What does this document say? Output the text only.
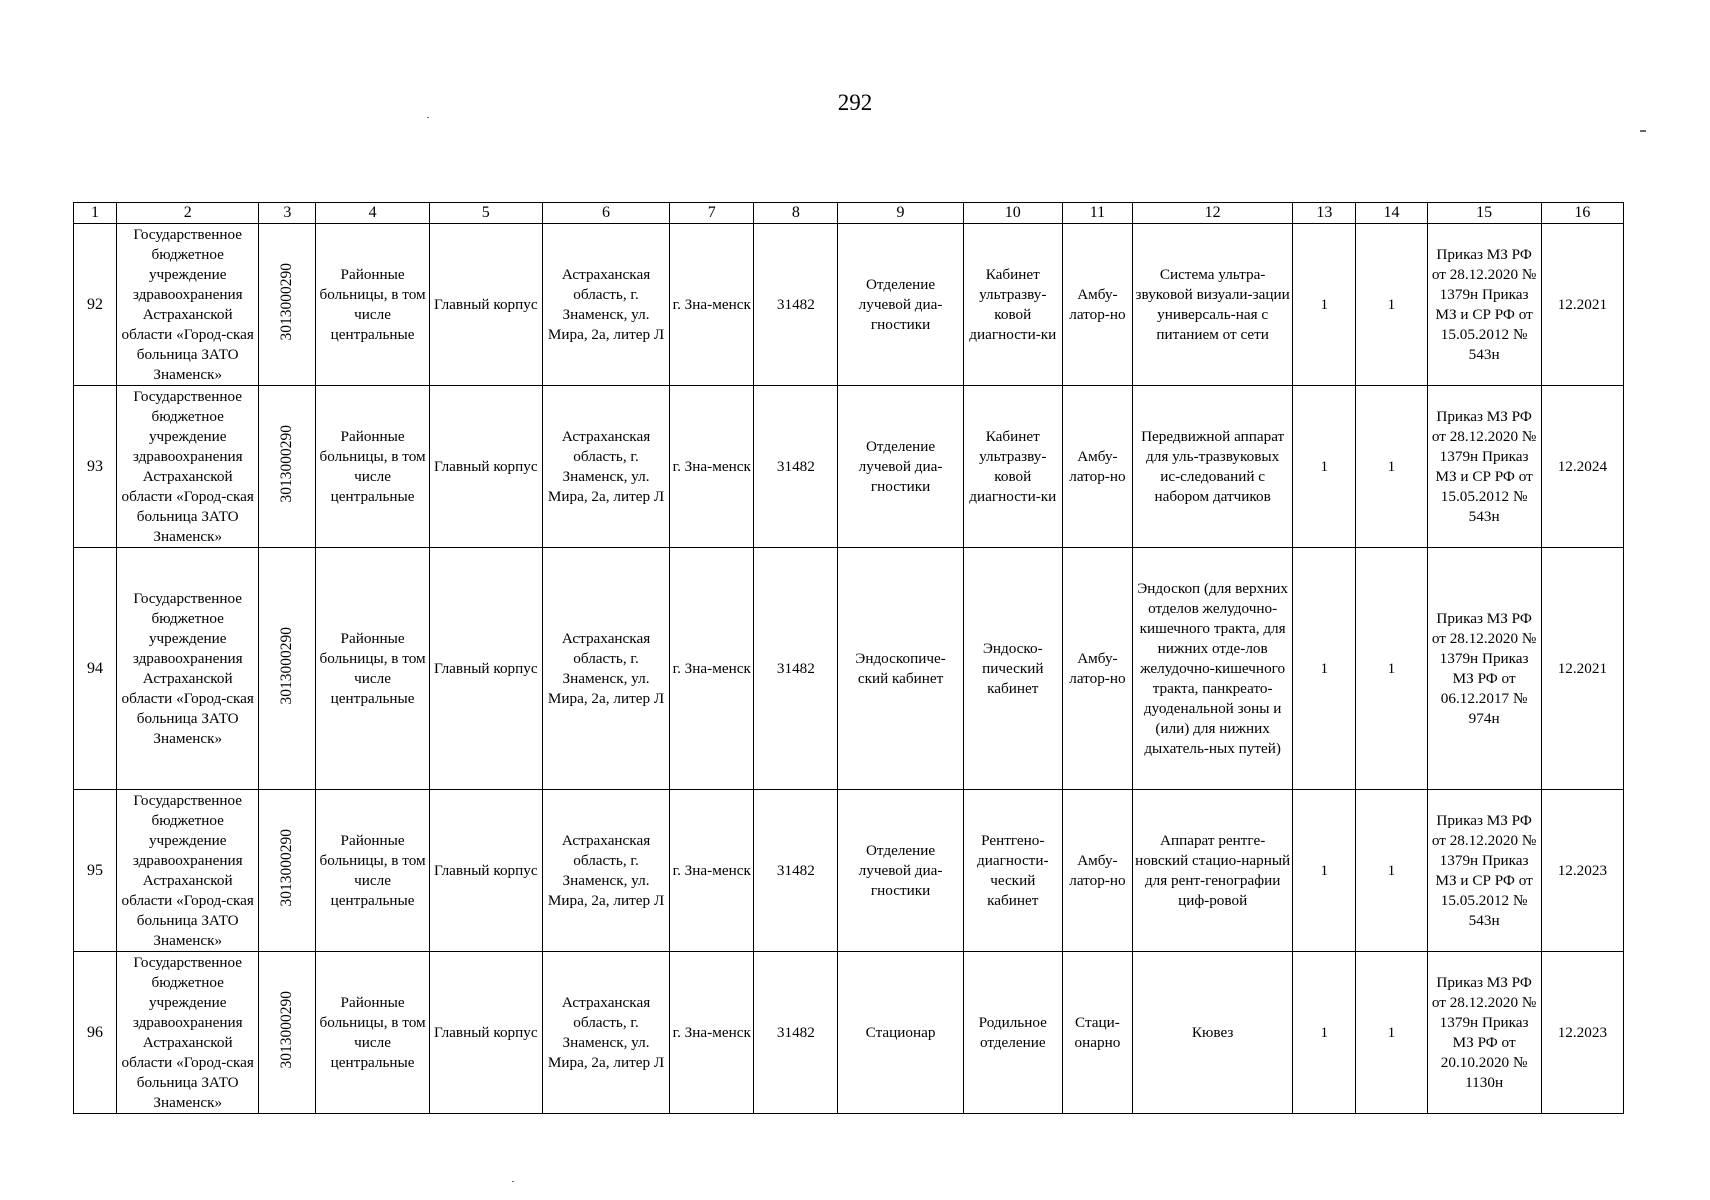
292
1	2	3	4	5	6	7	8	9	10	11	12	13	14	15	16
92	Государственное бюджетное учреждение здравоохранения Астраханской области «Город-ская больница ЗАТО Знаменск»	3013000290	Районные больницы, в том числе центральные	Главный корпус	Астраханская область, г. Знаменск, ул. Мира, 2а, литер Л	г. Зна-менск	31482	Отделение лучевой диа-гностики	Кабинет ультразву-ковой диагности-ки	Амбу-латор-но	Система ультра-звуковой визуали-зации универсаль-ная с питанием от сети	1	1	Приказ МЗ РФ от 28.12.2020 № 1379н Приказ МЗ и СР РФ от 15.05.2012 № 543н	12.2021
93	Государственное бюджетное учреждение здравоохранения Астраханской области «Город-ская больница ЗАТО Знаменск»	3013000290	Районные больницы, в том числе центральные	Главный корпус	Астраханская область, г. Знаменск, ул. Мира, 2а, литер Л	г. Зна-менск	31482	Отделение лучевой диа-гностики	Кабинет ультразву-ковой диагности-ки	Амбу-латор-но	Передвижной аппарат для уль-тразвуковых ис-следований с набором датчиков	1	1	Приказ МЗ РФ от 28.12.2020 № 1379н Приказ МЗ и СР РФ от 15.05.2012 № 543н	12.2024
94	Государственное бюджетное учреждение здравоохранения Астраханской области «Город-ская больница ЗАТО Знаменск»	3013000290	Районные больницы, в том числе центральные	Главный корпус	Астраханская область, г. Знаменск, ул. Мира, 2а, литер Л	г. Зна-менск	31482	Эндоскопиче-ский кабинет	Эндоско-пический кабинет	Амбу-латор-но	Эндоскоп (для верхних отделов желудочно-кишечного тракта, для нижних отде-лов желудочно-кишечного тракта, панкреато-дуоденальной зоны и (или) для нижних дыхатель-ных путей)	1	1	Приказ МЗ РФ от 28.12.2020 № 1379н Приказ МЗ РФ от 06.12.2017 № 974н	12.2021
95	Государственное бюджетное учреждение здравоохранения Астраханской области «Город-ская больница ЗАТО Знаменск»	3013000290	Районные больницы, в том числе центральные	Главный корпус	Астраханская область, г. Знаменск, ул. Мира, 2а, литер Л	г. Зна-менск	31482	Отделение лучевой диа-гностики	Рентгено-диагности-ческий кабинет	Амбу-латор-но	Аппарат рентге-новский стацио-нарный для рент-генографии циф-ровой	1	1	Приказ МЗ РФ от 28.12.2020 № 1379н Приказ МЗ и СР РФ от 15.05.2012 № 543н	12.2023
96	Государственное бюджетное учреждение здравоохранения Астраханской области «Город-ская больница ЗАТО Знаменск»	3013000290	Районные больницы, в том числе центральные	Главный корпус	Астраханская область, г. Знаменск, ул. Мира, 2а, литер Л	г. Зна-менск	31482	Стационар	Родильное отделение	Стаци-онарно	Кювез	1	1	Приказ МЗ РФ от 28.12.2020 № 1379н Приказ МЗ РФ от 20.10.2020 № 1130н	12.2023
